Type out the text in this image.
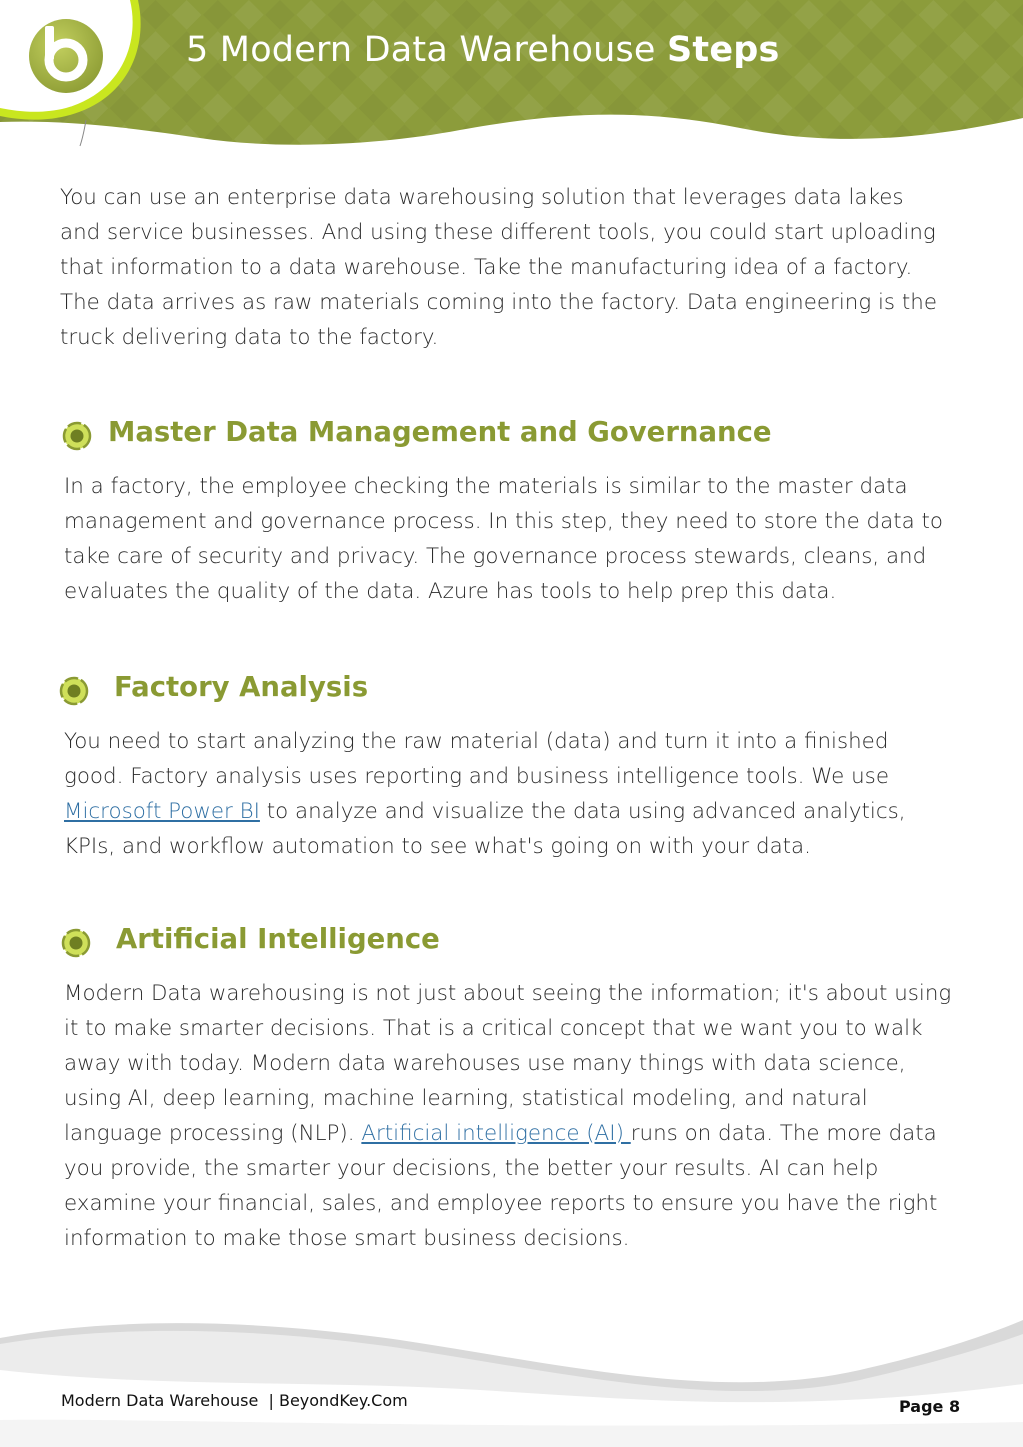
5 Modern Data Warehouse Steps

You can use an enterprise data warehousing solution that leverages data lakes and service businesses. And using these different tools, you could start uploading that information to a data warehouse. Take the manufacturing idea of a factory. The data arrives as raw materials coming into the factory. Data engineering is the truck delivering data to the factory.

Master Data Management and Governance

In a factory, the employee checking the materials is similar to the master data management and governance process. In this step, they need to store the data to take care of security and privacy. The governance process stewards, cleans, and evaluates the quality of the data. Azure has tools to help prep this data.

Factory Analysis

You need to start analyzing the raw material (data) and turn it into a finished good. Factory analysis uses reporting and business intelligence tools. We use Microsoft Power BI to analyze and visualize the data using advanced analytics, KPIs, and workflow automation to see what's going on with your data.

Artificial Intelligence

Modern Data warehousing is not just about seeing the information; it's about using it to make smarter decisions. That is a critical concept that we want you to walk away with today. Modern data warehouses use many things with data science, using AI, deep learning, machine learning, statistical modeling, and natural language processing (NLP). Artificial intelligence (AI) runs on data. The more data you provide, the smarter your decisions, the better your results. AI can help examine your financial, sales, and employee reports to ensure you have the right information to make those smart business decisions.

Modern Data Warehouse  | BeyondKey.Com	Page 8
